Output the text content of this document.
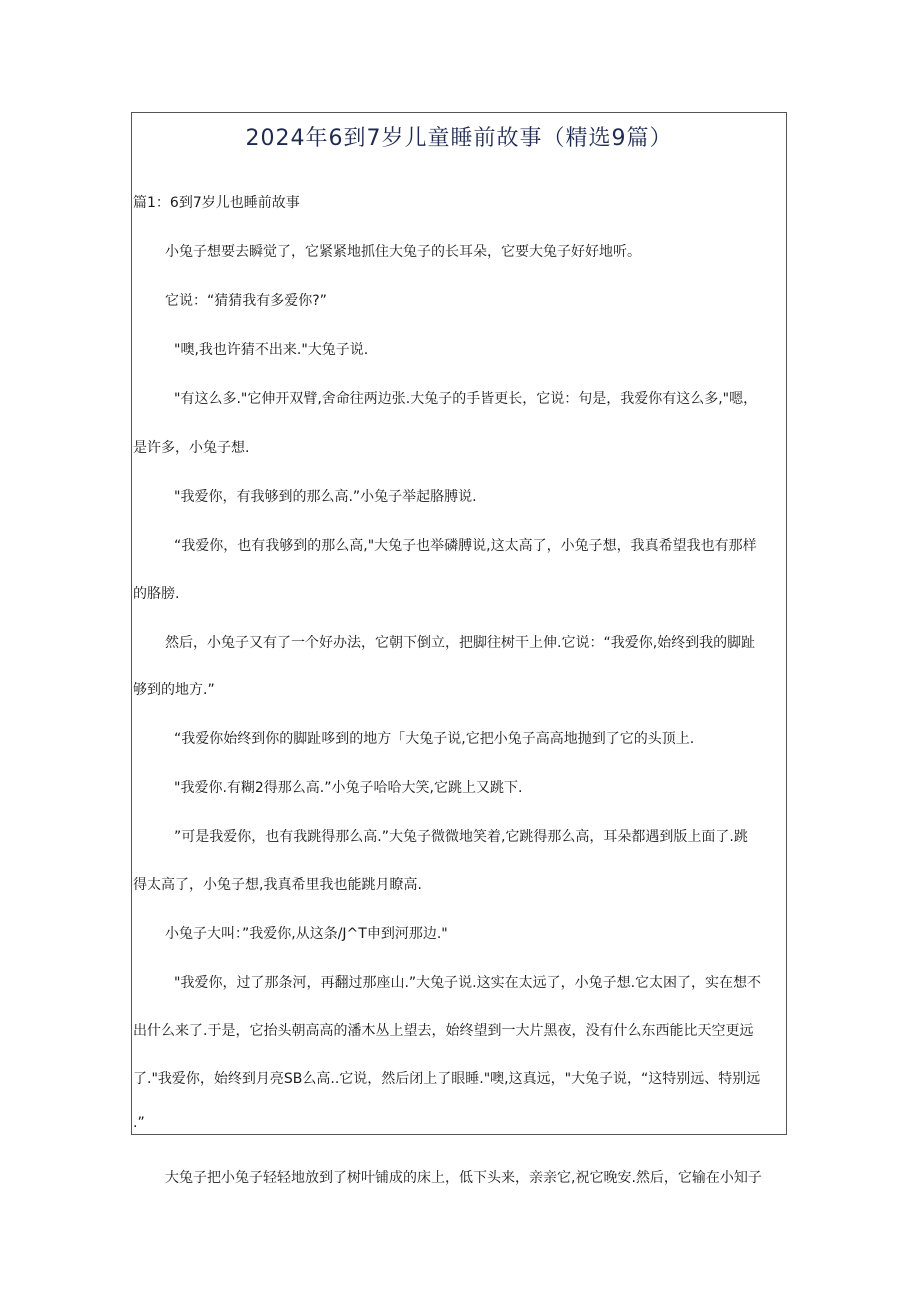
2024年6到7岁儿童睡前故事（精选9篇）
篇1：6到7岁儿也睡前故事
小兔子想要去瞬觉了，它紧紧地抓住大兔子的长耳朵，它要大兔子好好地听。
它说：“猜猜我有多爱你?”
"噢,我也许猜不出来."大兔子说.
"有这么多."它伸开双臂,舍命往两边张.大兔子的手皆更长，它说：句是，我爱你有这么多,"嗯，
是许多，小兔子想.
"我爱你，有我够到的那么高.”小兔子举起胳膊说.
“我爱你，也有我够到的那么高,"大兔子也举磷膊说,这太高了，小兔子想，我真希望我也有那样
的胳膀.
然后，小兔子又有了一个好办法，它朝下倒立，把脚往树干上伸.它说：“我爱你,始终到我的脚趾
够到的地方.”
“我爱你始终到你的脚趾哆到的地方「大兔子说,它把小兔子高高地抛到了它的头顶上.
"我爱你.有糊2得那么高.”小兔子哈哈大笑,它跳上又跳下.
”可是我爱你，也有我跳得那么高.”大兔子微微地笑着,它跳得那么高，耳朵都遇到版上面了.跳
得太高了，小兔子想,我真希里我也能跳月瞭高.
小兔子大叫：”我爱你,从这条/J^T申到河那边."
"我爱你，过了那条河，再翻过那座山.”大兔子说.这实在太远了，小兔子想.它太困了，实在想不
出什么来了.于是，它抬头朝高高的潘木丛上望去，始终望到一大片黑夜，没有什么东西能比天空更远
了."我爱你，始终到月亮SB么高..它说，然后闭上了眼睡."噢,这真远，"大兔子说，“这特别远、特别远
.”
大兔子把小兔子轻轻地放到了树叶铺成的床上，低下头来，亲亲它,祝它晚安.然后，它输在小知子
